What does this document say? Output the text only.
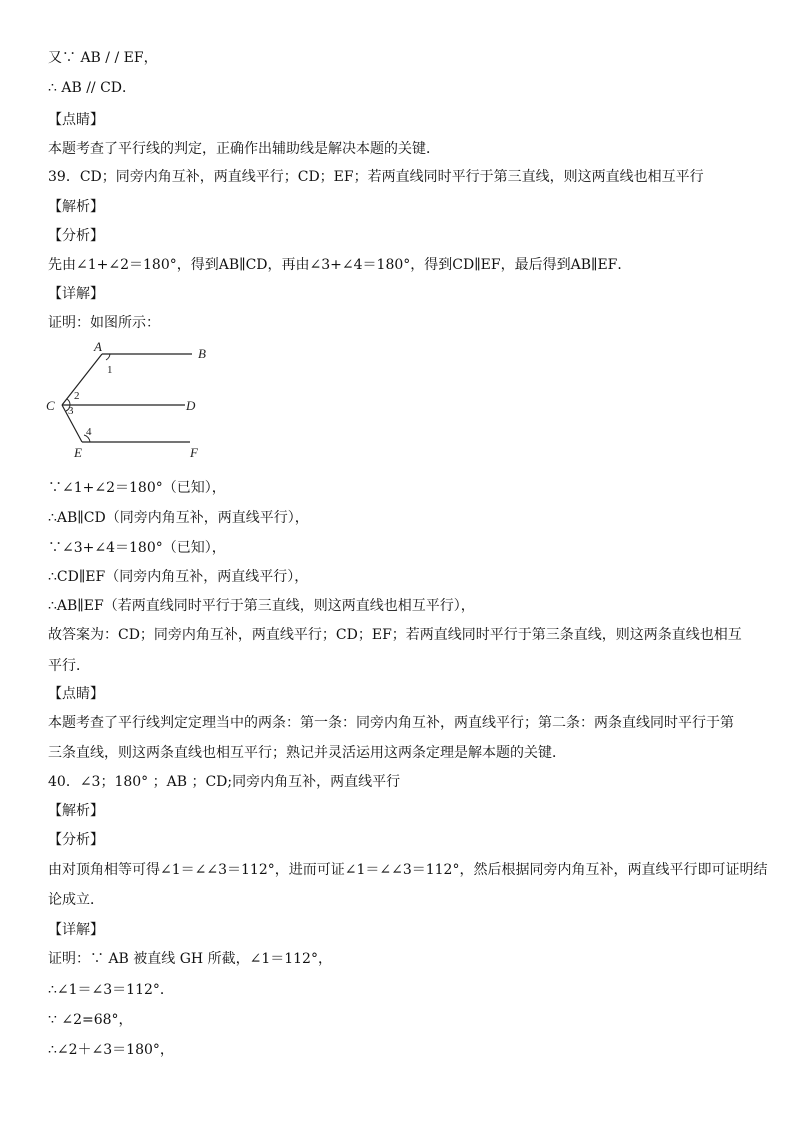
又∵ AB / / EF，
∴ AB // CD．
【点睛】
本题考查了平行线的判定，正确作出辅助线是解决本题的关键．
39．CD；同旁内角互补，两直线平行；CD；EF；若两直线同时平行于第三直线，则这两直线也相互平行
【解析】
【分析】
先由∠1+∠2＝180°，得到AB∥CD，再由∠3+∠4＝180°，得到CD∥EF，最后得到AB∥EF．
【详解】
证明：如图所示：
A	B
C	D
E	F
1
2
3
4
∵∠1+∠2＝180°（已知），
∴AB∥CD（同旁内角互补，两直线平行），
∵∠3+∠4＝180°（已知），
∴CD∥EF（同旁内角互补，两直线平行），
∴AB∥EF（若两直线同时平行于第三直线，则这两直线也相互平行），
故答案为：CD；同旁内角互补，两直线平行；CD；EF；若两直线同时平行于第三条直线，则这两条直线也相互
平行．
【点睛】
本题考查了平行线判定定理当中的两条：第一条：同旁内角互补，两直线平行；第二条：两条直线同时平行于第
三条直线，则这两条直线也相互平行；熟记并灵活运用这两条定理是解本题的关键．
40．∠3；180° ；AB ；CD;同旁内角互补，两直线平行
【解析】
【分析】
由对顶角相等可得∠1＝∠∠3＝112°，进而可证∠1＝∠∠3＝112°，然后根据同旁内角互补，两直线平行即可证明结
论成立．
【详解】
证明：∵ AB 被直线 GH 所截，∠1＝112°，
∴∠1＝∠3＝112°．
∵ ∠2=68°，
∴∠2＋∠3＝180°，
